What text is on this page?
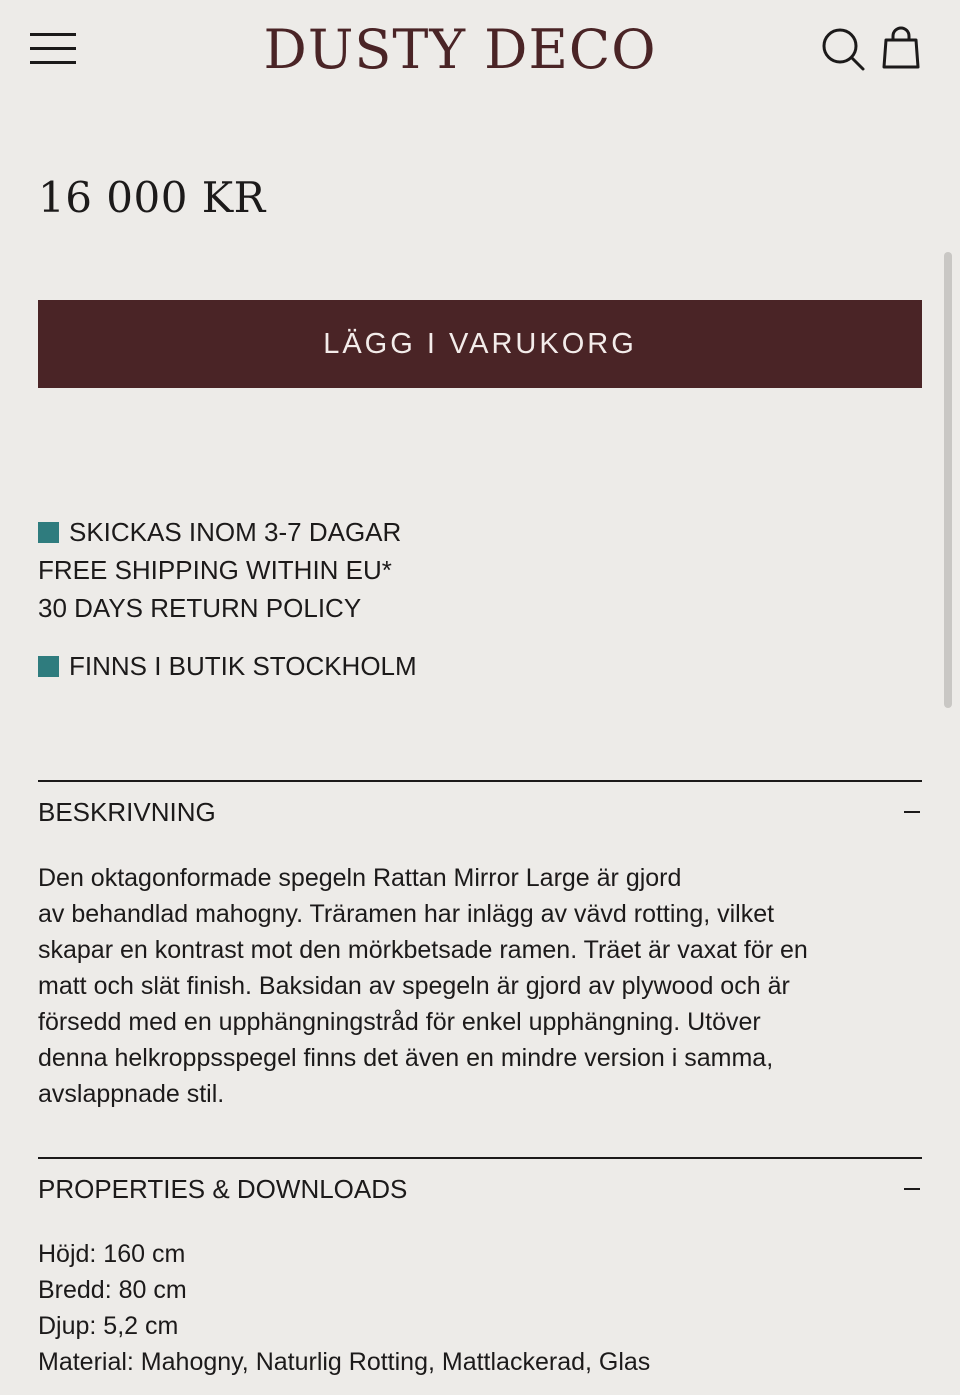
DUSTY DECO
16 000 KR
LÄGG I VARUKORG
SKICKAS INOM 3-7 DAGAR
FREE SHIPPING WITHIN EU*
30 DAYS RETURN POLICY
FINNS I BUTIK STOCKHOLM
BESKRIVNING

Den oktagonformade spegeln Rattan Mirror Large är gjord

av behandlad mahogny. Träramen har inlägg av vävd rotting, vilket

skapar en kontrast mot den mörkbetsade ramen. Träet är vaxat för en

matt och slät finish. Baksidan av spegeln är gjord av plywood och är

försedd med en upphängningstråd för enkel upphängning. Utöver

denna helkroppsspegel finns det även en mindre version i samma,

avslappnade stil.

PROPERTIES & DOWNLOADS
Höjd: 160 cm
Bredd: 80 cm
Djup: 5,2 cm
Material: Mahogny, Naturlig Rotting, Mattlackerad, Glas
